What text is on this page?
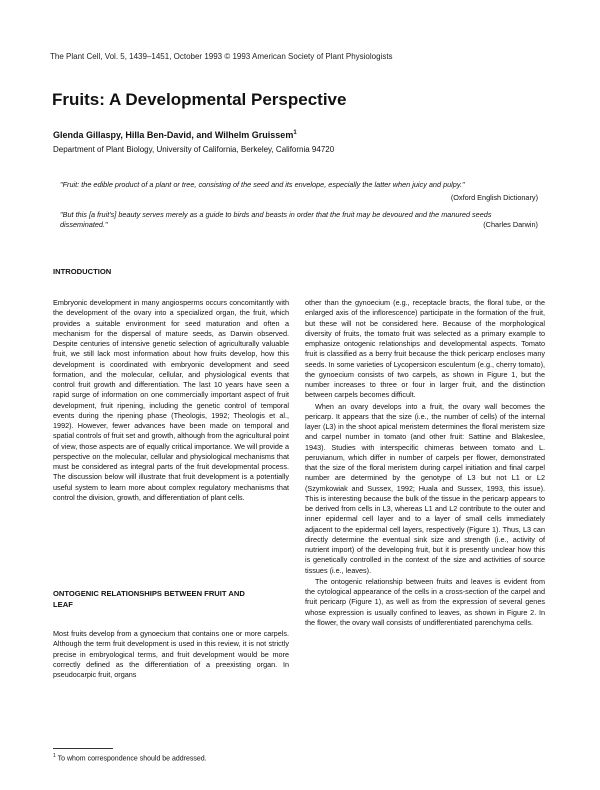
The Plant Cell, Vol. 5, 1439–1451, October 1993 © 1993 American Society of Plant Physiologists
Fruits: A Developmental Perspective
Glenda Gillaspy, Hilla Ben-David, and Wilhelm Gruissem$^1$
Department of Plant Biology, University of California, Berkeley, California 94720
"Fruit: the edible product of a plant or tree, consisting of the seed and its envelope, especially the latter when juicy and pulpy."
(Oxford English Dictionary)
"But this [a fruit's] beauty serves merely as a guide to birds and beasts in order that the fruit may be devoured and the manured seeds disseminated."	(Charles Darwin)
INTRODUCTION

Embryonic development in many angiosperms occurs concomitantly with the development of the ovary into a specialized organ, the fruit, which provides a suitable environment for seed maturation and often a mechanism for the dispersal of mature seeds, as Darwin observed. Despite centuries of intensive genetic selection of agriculturally valuable fruit, we still lack most information about how fruits develop, how this development is coordinated with embryonic development and seed formation, and the molecular, cellular, and physiological events that control fruit growth and differentiation. The last 10 years have seen a rapid surge of information on one commercially important aspect of fruit development, fruit ripening, including the genetic control of temporal events during the ripening phase (Theologis, 1992; Theologis et al., 1992). However, fewer advances have been made on temporal and spatial controls of fruit set and growth, although from the agricultural point of view, those aspects are of equally critical importance. We will provide a perspective on the molecular, cellular and physiological mechanisms that must be considered as integral parts of the fruit developmental process. The discussion below will illustrate that fruit development is a potentially useful system to learn more about complex regulatory mechanisms that control the division, growth, and differentiation of plant cells.

ONTOGENIC RELATIONSHIPS BETWEEN FRUIT AND LEAF

Most fruits develop from a gynoecium that contains one or more carpels. Although the term fruit development is used in this review, it is not strictly precise in embryological terms, and fruit development would be more correctly defined as the differentiation of a preexisting organ. In pseudocarpic fruit, organs

other than the gynoecium (e.g., receptacle bracts, the floral tube, or the enlarged axis of the inflorescence) participate in the formation of the fruit, but these will not be considered here. Because of the morphological diversity of fruits, the tomato fruit was selected as a primary example to emphasize ontogenic relationships and developmental aspects. Tomato fruit is classified as a berry fruit because the thick pericarp encloses many seeds. In some varieties of Lycopersicon esculentum (e.g., cherry tomato), the gynoecium consists of two carpels, as shown in Figure 1, but the number increases to three or four in larger fruit, and the distinction between carpels becomes difficult.

When an ovary develops into a fruit, the ovary wall becomes the pericarp. It appears that the size (i.e., the number of cells) of the internal layer (L3) in the shoot apical meristem determines the floral meristem size and carpel number in tomato (and other fruit: Sattine and Blakeslee, 1943). Studies with interspecific chimeras between tomato and L. peruvianum, which differ in number of carpels per flower, demonstrated that the size of the floral meristem during carpel initiation and final carpel number are determined by the genotype of L3 but not L1 or L2 (Szymkowiak and Sussex, 1992; Huala and Sussex, 1993, this issue). This is interesting because the bulk of the tissue in the pericarp appears to be derived from cells in L3, whereas L1 and L2 contribute to the outer and inner epidermal cell layer and to a layer of small cells immediately adjacent to the epidermal cell layers, respectively (Figure 1). Thus, L3 can directly determine the eventual sink size and strength (i.e., activity of nutrient import) of the developing fruit, but it is presently unclear how this is genetically controlled in the context of the size and activities of source tissues (i.e., leaves).

The ontogenic relationship between fruits and leaves is evident from the cytological appearance of the cells in a cross-section of the carpel and fruit pericarp (Figure 1), as well as from the expression of several genes whose expression is usually confined to leaves, as shown in Figure 2. In the flower, the ovary wall consists of undifferentiated parenchyma cells.

$^1$ To whom correspondence should be addressed.
